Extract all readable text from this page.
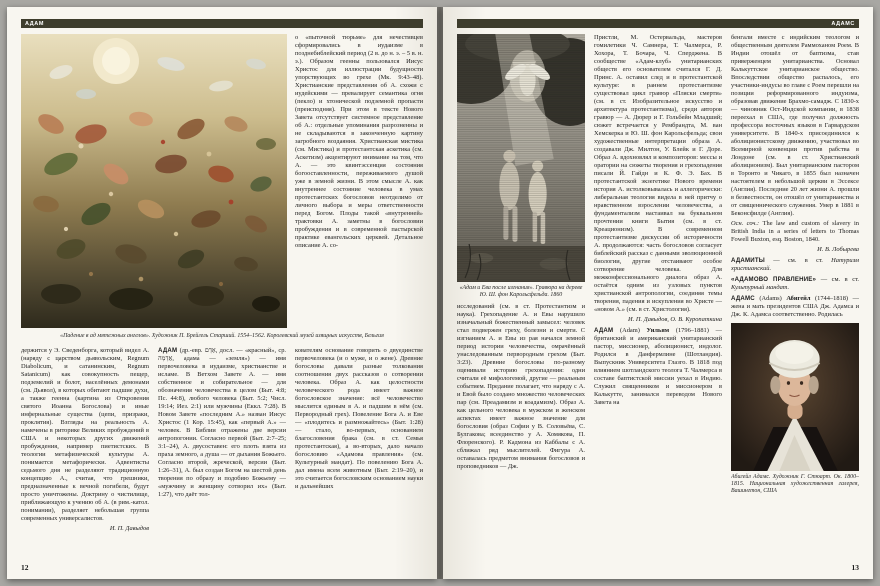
АДАМ

о «пыточной тюрьме» для нечестивцев сформировались в иудаизме в позднебиблейский период (2 в. до н. э. – 5 в. н. э.). Образом геенны пользовался Иисус Христос для иллюстрации будущности упорствующих во грехе (Мк. 9:43–48). Христианские представления об А. схожи с иудейскими — превалирует семантика огня (пекло) и хтонической подземной пропасти (преисподняя). При этом в тексте Нового Завета отсутствует системное представление об А.: отдельные упоминания разрозненны и не складываются в законченную картину загробного воздаяния. Христианская мистика (см. Мистика) и протестантская аскетика (см. Аскетизм) акцентируют внимание на том, что А. — это квинтэссенция состояния богооставленности, переживаемого душой уже в земной жизни. В этом смысле А. как внутреннее состояние человека в умах протестантских богословов неотделимо от личного выбора и меры ответственности перед Богом. Плоды такой «внутренней» трактовки А. заметны в богословии пробуждения и в современной пастырской практике евангельских церквей. Детальное описание А. со-

«Падение в ад мятежных ангелов». Художник П. Брейгель Старший. 1554–1562. Королевский музей изящных искусств, Бельгия

держится у Э. Сведенборга, который видел А. (наряду с царством дьявольским, Regnum Diabolicum, и сатанинским, Regnum Satanicum) как совокупность пещер, подземелий и болот, населённых демонами (см. Дьявол), в которых обитают падшие духи, а также геенна (картина из Откровения святого Иоанна Богослова) и иные инфернальные существа (цепи, призраки, проклятия). Взгляды на реальность А. намечены в риторике Великих пробуждений в США и некоторых других движений пробуждения, например пиетистских. В теологии метафизической культуры А. понимается метафорически. Адвентисты седьмого дня не разделяют традиционную концепцию А., считая, что грешники, предназначенные к вечной погибели, будут просто уничтожены. Доктрину о чистилище, приближающую к учению об А. (в рим.-катол. понимании), разделяет небольшая группа современных универсалистов.

И. П. Давыдов

АДАМ (др.-евр. אָדָם, досл. — «красный», ср. אֲדָמָה, адама́ — «земля») — имя первочеловека в иудаизме, христианстве и исламе. В Ветхом Завете А. — имя собственное и собирательное — для обозначения человечества в целом (Быт. 4:8; Пс. 44:8), любого человека (Быт. 5:2; Числ. 19:14; Иез. 2:1) или мужчины (Еккл. 7:28). В Новом Завете «последним А.» назван Иисус Христос (1 Кор. 15:45), как «первый А.» — человек. В Библии отражены две версии антропогонии. Согласно первой (Быт. 2:7–25; 3:1–24), А. двусоставен: его плоть взята из праха земного, а душа — от дыхания Божьего. Согласно второй, жреческой, версии (Быт. 1:26–31), А. был создан Богом на шестой день творения по образу и подобию Божьему — «мужчину и женщину сотворил их» (Быт. 1:27), что даёт тол-

кователям основание говорить о двуединстве первочеловека (и о муже, и о жене). Древние богословы давали разные толкования соотношения двух рассказов о сотворении человека. Образ А. как целостности человеческого рода имеет важное богословское значение: всё человечество мыслится единым в А. и падшим в нём (см. Первородный грех). Повеление Бога А. и Еве — «плодитесь и размножайтесь» (Быт. 1:28) — стало, во-первых, основанием благословения брака (см. в ст. Семья протестантская), а во-вторых, дало начало богословию «Адамова правления» (см. Культурный мандат). По повелению Бога А. дал имена всем животным (Быт. 2:19–20), и это считается богословским основанием науки и дальнейших

12
АДАМС
«Адам и Ева после изгнания». Гравюра на дереве Ю. Ш. фон Карольсфельда. 1860

исследований (см. в ст. Протестантизм и наука). Грехопадение А. и Евы нарушило изначальный божественный замысел: человек стал подвержен греху, болезни и смерти. С изгнанием А. и Евы из рая начался земной период истории человечества, омрачённый унаследованным первородным грехом (Быт. 3:23). Древние богословы по-разному оценивали историю грехопадения: одни считали её мифологемой, другие — реальным событием. Предание полагает, что наряду с А. и Евой было создано множество человеческих пар (см. Преадамизм и коадамизм). Образ А. как цельного человека в мужском и женском аспектах имеет важное значение для богословия (образ Софии у В. Соловьёва, С. Булгакова; всеединство у А. Хомякова, П. Флоренского). Р. Кадмона из Каббалы с А. сближал ряд мыслителей. Фигура А. оставалась предметом внимания богословов и проповедников — Дж.

Пристли, М. Остервальда, мастеров гомилетики Ч. Самнера, Т. Чалмерса, Р. Хохора, Т. Бочара, Ч. Сперджена. В сообществе «Адам-клуб» унитарианских обществ его основателем считался Г. Д. Принс. А. оставил след и в протестантской культуре: в раннем протестантизме существовал цикл гравюр «Пляски смерти» (см. в ст. Изобразительное искусство и архитектура протестантизма), среди авторов гравюр — А. Дюрер и Г. Гольбейн Младший; сюжет встречается у Рембрандта, М. ван Хемскерка и Ю. Ш. фон Карольсфельда; свои художественные интерпретации образа А. создавали Дж. Милтон, У. Блейк и Г. Доре. Образ А. вдохновлял и композиторов: мессы и оратории на сюжеты творения и грехопадения писали Й. Гайдн и К. Ф. Э. Бах. В протестантской экзегетике Нового времени история А. истолковывалась и аллегорически: либеральная теология видела в ней притчу о нравственном взрослении человечества, а фундаментализм настаивал на буквальном прочтении книги Бытия (см. в ст. Креационизм). В современном протестантизме дискуссии об историчности А. продолжаются: часть богословов согласует библейский рассказ с данными эволюционной биологии, другие отстаивают особое сотворение человека. Для межконфессионального диалога образ А. остаётся одним из узловых пунктов христианской антропологии, соединяя темы творения, падения и искупления во Христе — «новом А.» (см. в ст. Христология).

И. П. Давыдов, О. В. Куропаткина

АДАМ (Adam) Уильям (1796–1881) — британский и американский унитарианский пастор, миссионер, аболиционист, индолог. Родился в Данфермлине (Шотландия). Выпускник Университета Глазго. В 1818 под влиянием шотландского теолога Т. Чалмерса в составе баптистской миссии уехал в Индию. Служил священником и миссионером в Калькутте, занимался переводом Нового Завета на

бенгали вместе с индийским теологом и общественным деятелем Раммоханом Роем. В Индии отошёл от баптизма, став приверженцем унитарианства. Основал Калькуттское унитарианское общество. Впоследствии общество распалось, его участники-индусы во главе с Роем перешли на позиции реформированного индуизма, образовав движение Брахмо-самадж. С 1830-х — чиновник Ост-Индской компании, в 1838 переехал в США, где получил должность профессора восточных языков в Гарвардском университете. В 1840-х присоединился к аболиционистскому движению, участвовал во Всемирной конвенции против рабства в Лондоне (см. в ст. Христианский аболиционизм). Был унитарианским пастором в Торонто и Чикаго, в 1855 был назначен настоятелем в небольшой церкви в Эссексе (Англия). Последние 20 лет жизни А. прошли в безвестности, он отошёл от унитарианства и от священнического служения. Умер в 1881 в Беконсфилде (Англия).

Осн. соч.: The law and custom of slavery in British India in a series of letters to Thomas Fowell Buxton, esq. Boston, 1840.

И. В. Лобырева

АДАМИТЫ — см. в ст. Натуризм христианский.

«АДАМОВО ПРАВЛЕНИЕ» — см. в ст. Культурный мандат.

АДАМС (Adams) Абигейл (1744–1818) — жена и мать президентов США Дж. Адамса и Дж. К. Адамса соответственно. Родилась

Абигейл Адамс. Художник Г. Стюарт. Ок. 1800–1815. Национальная художественная галерея, Вашингтон, США
13
